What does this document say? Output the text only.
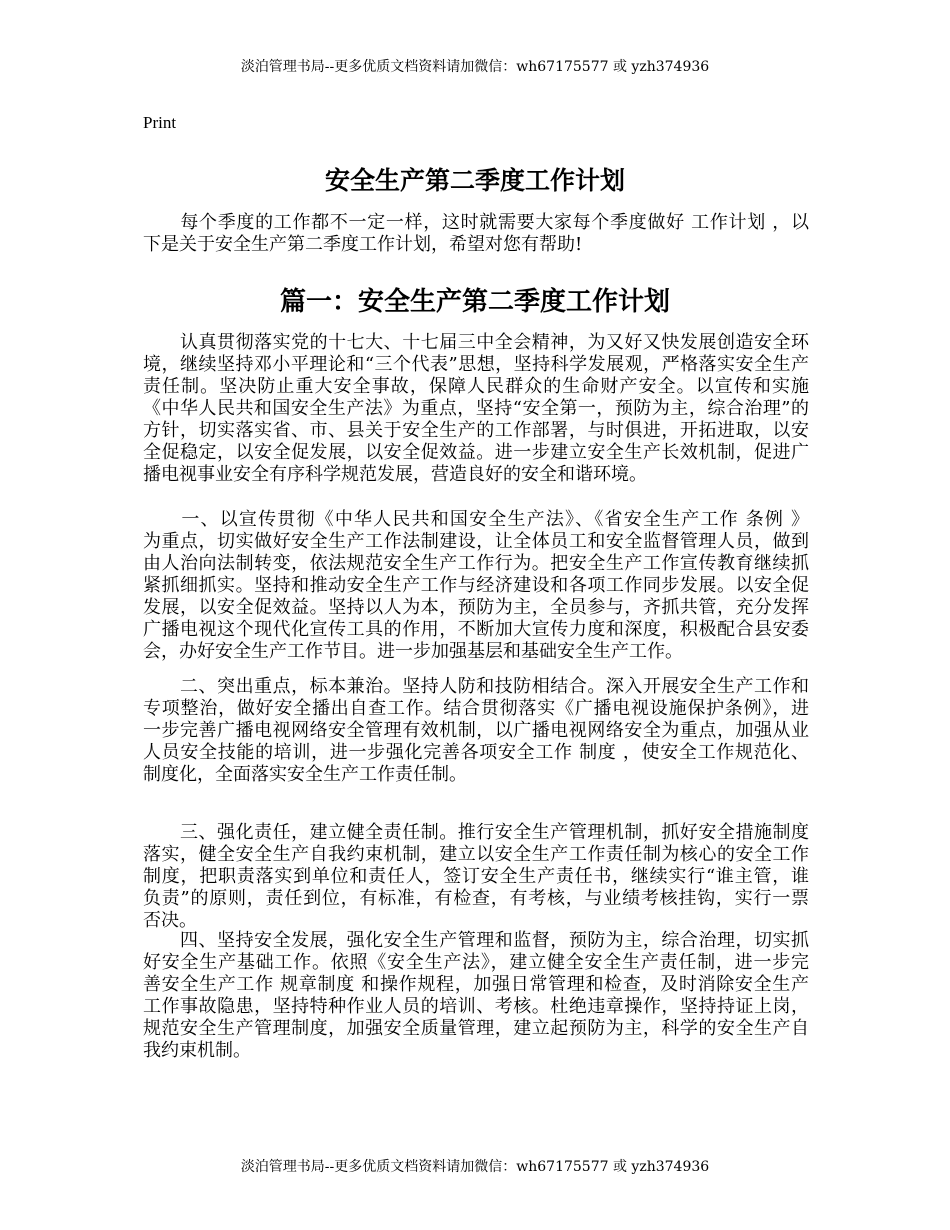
淡泊管理书局--更多优质文档资料请加微信：wh67175577 或 yzh374936
Print
安全生产第二季度工作计划
　　每个季度的工作都不一定一样，这时就需要大家每个季度做好 工作计划 ，以
下是关于安全生产第二季度工作计划，希望对您有帮助!
篇一：安全生产第二季度工作计划
　　认真贯彻落实党的十七大、十七届三中全会精神，为又好又快发展创造安全环
境，继续坚持邓小平理论和“三个代表”思想，坚持科学发展观，严格落实安全生产
责任制。坚决防止重大安全事故，保障人民群众的生命财产安全。以宣传和实施
《中华人民共和国安全生产法》为重点，坚持“安全第一，预防为主，综合治理”的
方针，切实落实省、市、县关于安全生产的工作部署，与时俱进，开拓进取，以安
全促稳定，以安全促发展，以安全促效益。进一步建立安全生产长效机制，促进广
播电视事业安全有序科学规范发展，营造良好的安全和谐环境。
　　一、以宣传贯彻《中华人民共和国安全生产法》、《省安全生产工作 条例 》
为重点，切实做好安全生产工作法制建设，让全体员工和安全监督管理人员，做到
由人治向法制转变，依法规范安全生产工作行为。把安全生产工作宣传教育继续抓
紧抓细抓实。坚持和推动安全生产工作与经济建设和各项工作同步发展。以安全促
发展，以安全促效益。坚持以人为本，预防为主，全员参与，齐抓共管，充分发挥
广播电视这个现代化宣传工具的作用，不断加大宣传力度和深度，积极配合县安委
会，办好安全生产工作节目。进一步加强基层和基础安全生产工作。
　　二、突出重点，标本兼治。坚持人防和技防相结合。深入开展安全生产工作和
专项整治，做好安全播出自查工作。结合贯彻落实《广播电视设施保护条例》，进
一步完善广播电视网络安全管理有效机制，以广播电视网络安全为重点，加强从业
人员安全技能的培训，进一步强化完善各项安全工作 制度 ，使安全工作规范化、
制度化，全面落实安全生产工作责任制。
　　三、强化责任，建立健全责任制。推行安全生产管理机制，抓好安全措施制度
落实，健全安全生产自我约束机制，建立以安全生产工作责任制为核心的安全工作
制度，把职责落实到单位和责任人，签订安全生产责任书，继续实行“谁主管，谁
负责”的原则，责任到位，有标准，有检查，有考核，与业绩考核挂钩，实行一票
否决。
　　四、坚持安全发展，强化安全生产管理和监督，预防为主，综合治理，切实抓
好安全生产基础工作。依照《安全生产法》，建立健全安全生产责任制，进一步完
善安全生产工作 规章制度 和操作规程，加强日常管理和检查，及时消除安全生产
工作事故隐患，坚持特种作业人员的培训、考核。杜绝违章操作，坚持持证上岗，
规范安全生产管理制度，加强安全质量管理，建立起预防为主，科学的安全生产自
我约束机制。
淡泊管理书局--更多优质文档资料请加微信：wh67175577 或 yzh374936
